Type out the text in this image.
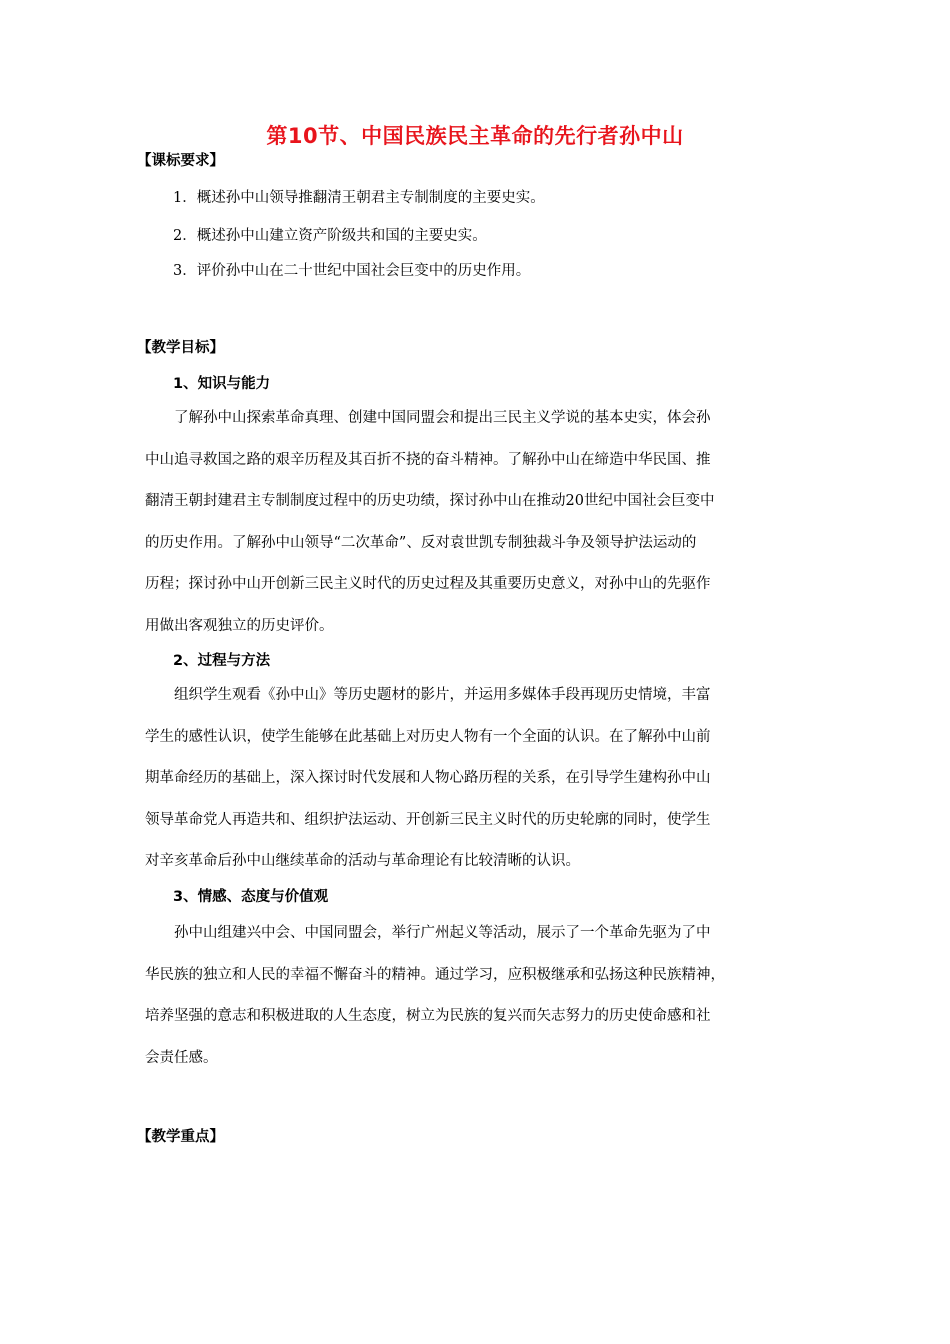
第10节、中国民族民主革命的先行者孙中山
【课标要求】
1．概述孙中山领导推翻清王朝君主专制制度的主要史实。
2．概述孙中山建立资产阶级共和国的主要史实。
3．评价孙中山在二十世纪中国社会巨变中的历史作用。
【教学目标】
1、知识与能力
了解孙中山探索革命真理、创建中国同盟会和提出三民主义学说的基本史实，体会孙
中山追寻救国之路的艰辛历程及其百折不挠的奋斗精神。了解孙中山在缔造中华民国、推
翻清王朝封建君主专制制度过程中的历史功绩，探讨孙中山在推动20世纪中国社会巨变中
的历史作用。了解孙中山领导“二次革命”、反对袁世凯专制独裁斗争及领导护法运动的
历程；探讨孙中山开创新三民主义时代的历史过程及其重要历史意义，对孙中山的先驱作
用做出客观独立的历史评价。
2、过程与方法
组织学生观看《孙中山》等历史题材的影片，并运用多媒体手段再现历史情境，丰富
学生的感性认识，使学生能够在此基础上对历史人物有一个全面的认识。在了解孙中山前
期革命经历的基础上，深入探讨时代发展和人物心路历程的关系，在引导学生建构孙中山
领导革命党人再造共和、组织护法运动、开创新三民主义时代的历史轮廓的同时，使学生
对辛亥革命后孙中山继续革命的活动与革命理论有比较清晰的认识。
3、情感、态度与价值观
孙中山组建兴中会、中国同盟会，举行广州起义等活动，展示了一个革命先驱为了中
华民族的独立和人民的幸福不懈奋斗的精神。通过学习，应积极继承和弘扬这种民族精神，
培养坚强的意志和积极进取的人生态度，树立为民族的复兴而矢志努力的历史使命感和社
会责任感。
【教学重点】
